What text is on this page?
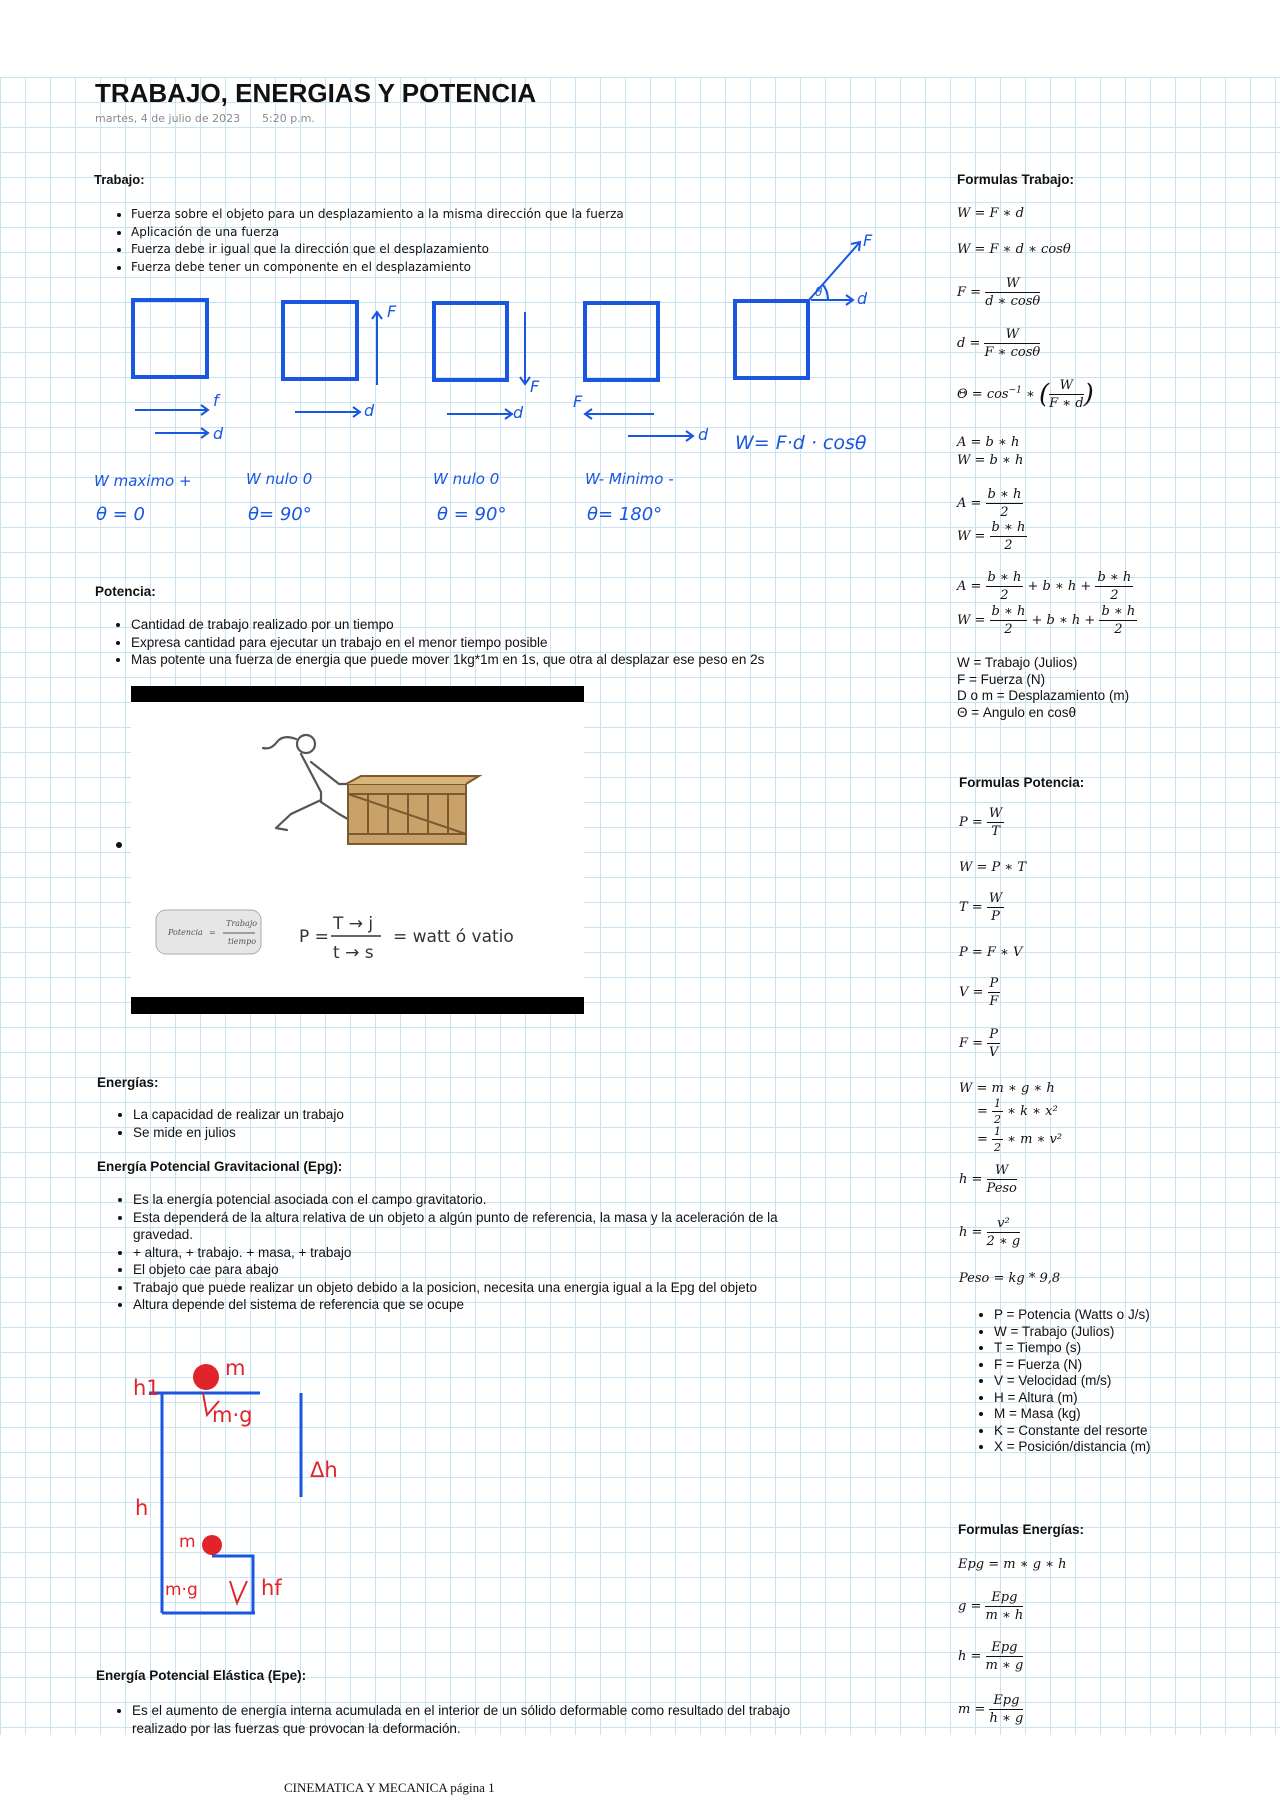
TRABAJO, ENERGIAS Y POTENCIA
martes, 4 de julio de 2023 5:20 p.m.
Trabajo:
• Fuerza sobre el objeto para un desplazamiento a la misma dirección que la fuerza
• Aplicación de una fuerza
• Fuerza debe ir igual que la dirección que el desplazamiento
• Fuerza debe tener un componente en el desplazamiento
f
d
F
d
F
d
F
d
F
d
θ
W= F·d · cosθ
W maximo +	W nulo 0	W nulo 0	W- Minimo -
θ = 0	θ= 90°	θ = 90°	θ= 180°
Potencia:
• Cantidad de trabajo realizado por un tiempo
• Expresa cantidad para ejecutar un trabajo en el menor tiempo posible
• Mas potente una fuerza de energia que puede mover 1kg*1m en 1s, que otra al desplazar ese peso en 2s
Potencia =
Trabajo
tiempo	P =
T → j
t → s
= watt ó vatio
Energías:
• La capacidad de realizar un trabajo
• Se mide en julios
Energía Potencial Gravitacional (Epg):
• Es la energía potencial asociada con el campo gravitatorio.
• Esta dependerá de la altura relativa de un objeto a algún punto de referencia, la masa y la aceleración de la gravedad.
• + altura, + trabajo. + masa, + trabajo
• El objeto cae para abajo
• Trabajo que puede realizar un objeto debido a la posicion, necesita una energia igual a la Epg del objeto
• Altura depende del sistema de referencia que se ocupe
h1
m
m·g
h
Δh
m
m·g	hf
Energía Potencial Elástica (Epe):
• Es el aumento de energía interna acumulada en el interior de un sólido deformable como resultado del trabajo realizado por las fuerzas que provocan la deformación.
Formulas Trabajo:
W = F ∗ d
W = F ∗ d ∗ cosθ
$F = \frac{W}{d ∗ \cos\theta}$
$d = \frac{W}{F ∗ \cos\theta}$
$\Theta = \cos^{-1}$ ∗ ( $\frac{W}{F ∗ d}$ )
A = b ∗ h
W = b ∗ h
$A = \frac{b ∗ h}{2}$
$W = \frac{b ∗ h}{2}$
$A = \frac{b ∗ h}{2} + b$ ∗ $h + \frac{b ∗ h}{2}$
$W = \frac{b ∗ h}{2} + b$ ∗ $h + \frac{b ∗ h}{2}$
W = Trabajo (Julios)
F = Fuerza (N)
D o m = Desplazamiento (m)
Θ = Angulo en cosθ
Formulas Potencia:
$P = \frac{W}{T}$
W = P ∗ T
$T = \frac{W}{P}$
P = F ∗ V
$V = \frac{P}{F}$
$F = \frac{P}{V}$
W = m ∗ g ∗ h
= $\frac{1}{2}$ ∗ k ∗ x²
= $\frac{1}{2}$ ∗ m ∗ v²
$h = \frac{W}{\text{Peso}}$
$h = \frac{\text{v²}}{2 ∗ g}$
Peso = kg * 9,8
• P = Potencia (Watts o J/s)
• W = Trabajo (Julios)
• T = Tiempo (s)
• F = Fuerza (N)
• V = Velocidad (m/s)
• H = Altura (m)
• M = Masa (kg)
• K = Constante del resorte
• X = Posición/distancia (m)
Formulas Energías:
Epg = m ∗ g ∗ h
$g = \frac{\text{Epg}}{m ∗ h}$
$h = \frac{\text{Epg}}{m ∗ g}$
$m = \frac{\text{Epg}}{h ∗ g}$
CINEMATICA Y MECANICA página 1
